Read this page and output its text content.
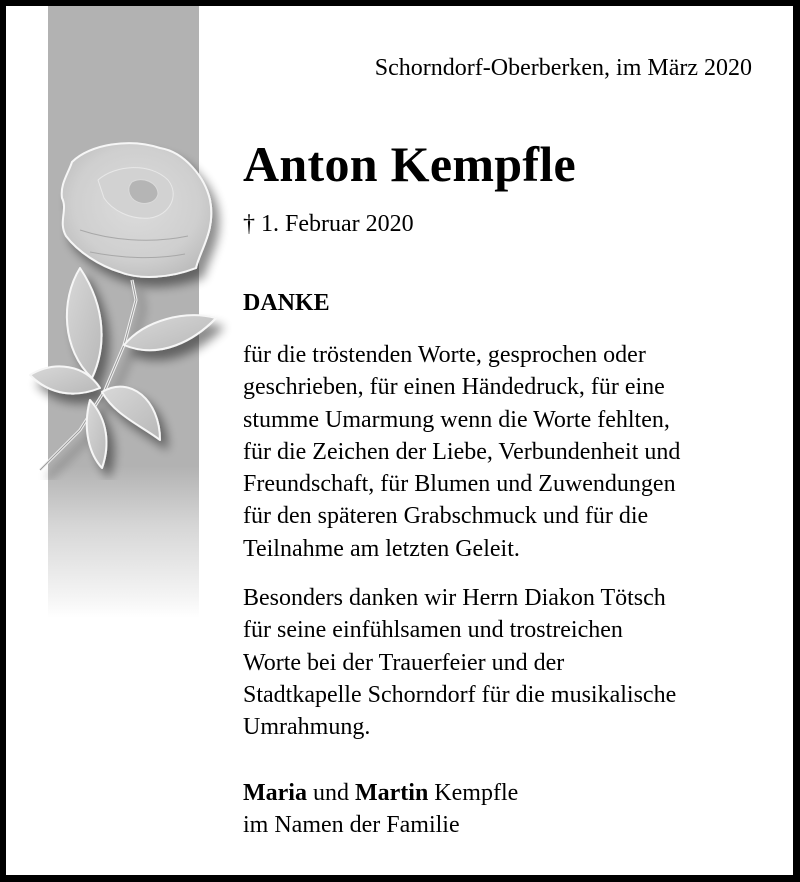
Schorndorf-Oberberken, im März 2020
Anton Kempfle
† 1. Februar 2020
DANKE
für die tröstenden Worte, gesprochen oder
geschrieben, für einen Händedruck, für eine
stumme Umarmung wenn die Worte fehlten,
für die Zeichen der Liebe, Verbundenheit und
Freundschaft, für Blumen und Zuwendungen
für den späteren Grabschmuck und für die
Teilnahme am letzten Geleit.
Besonders danken wir Herrn Diakon Tötsch
für seine einfühlsamen und trostreichen
Worte bei der Trauerfeier und der
Stadtkapelle Schorndorf für die musikalische
Umrahmung.
Maria und Martin Kempfle
im Namen der Familie
